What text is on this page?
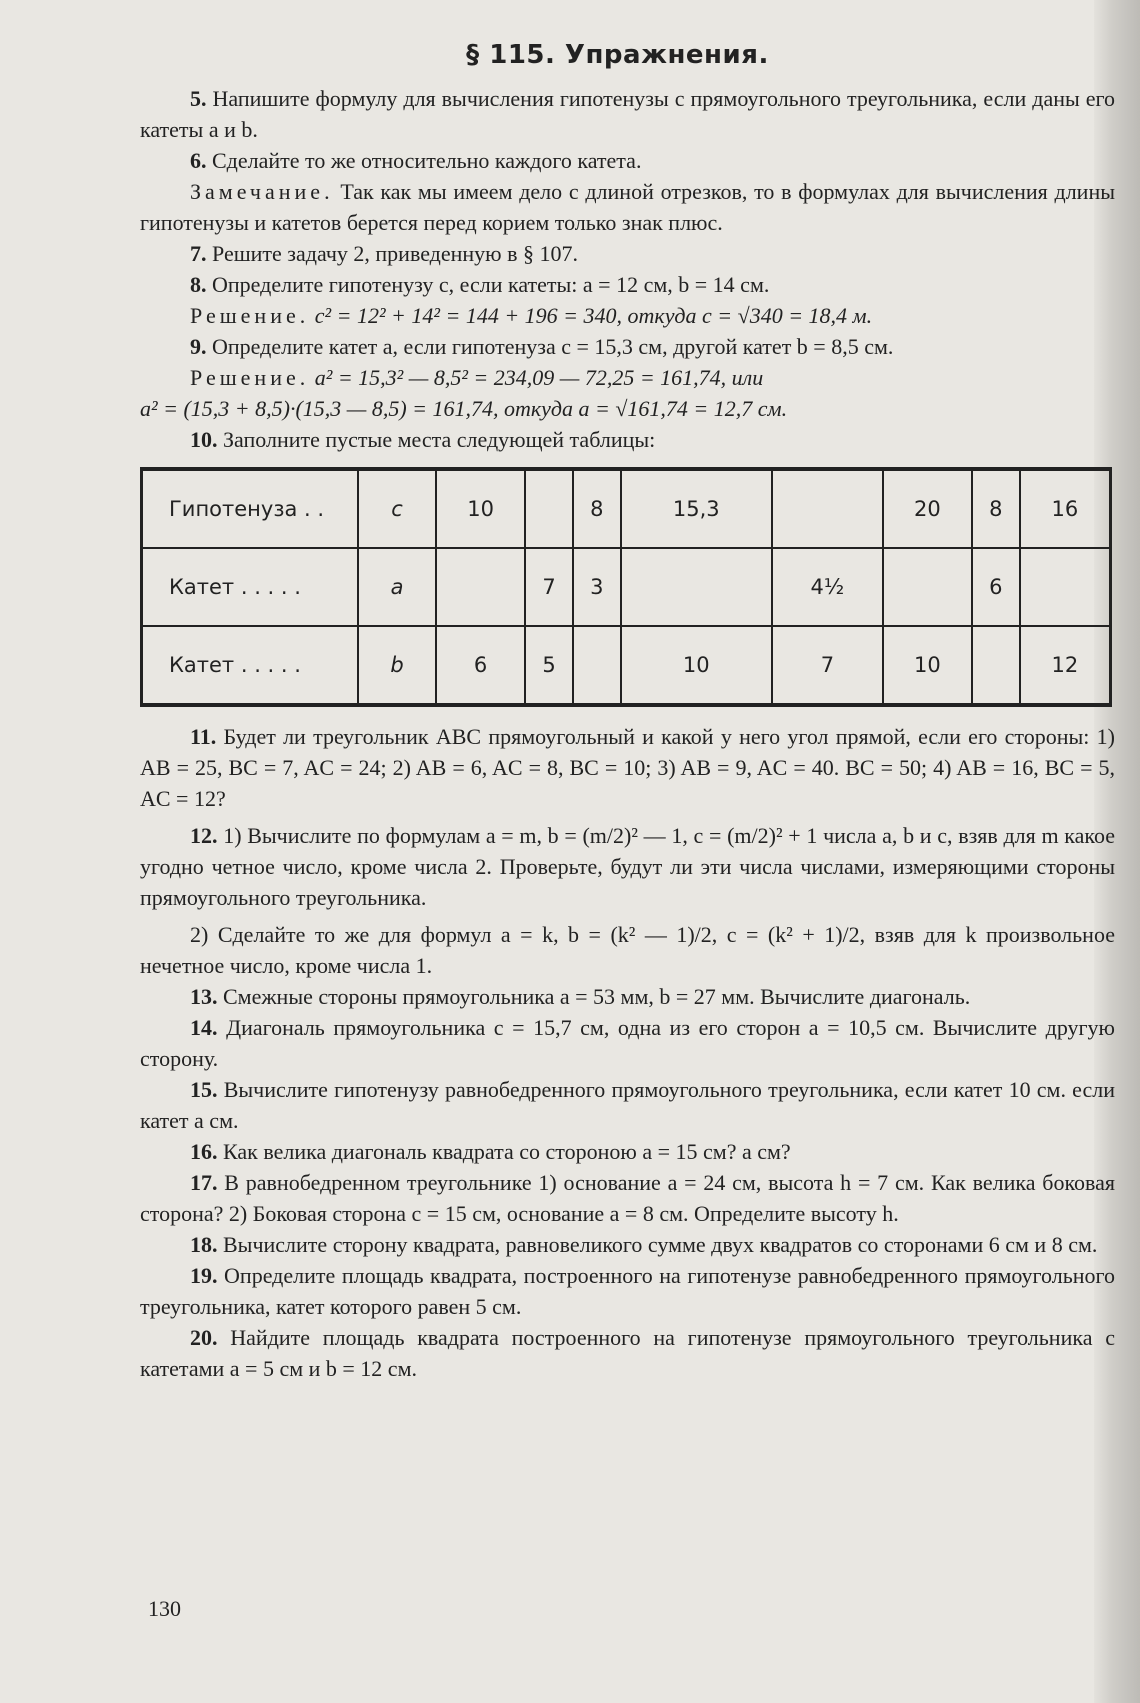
§ 115. Упражнения.

5. Напишите формулу для вычисления гипотенузы c прямоугольного треугольника, если даны его катеты a и b.

6. Сделайте то же относительно каждого катета.

Замечание. Так как мы имеем дело с длиной отрезков, то в формулах для вычисления длины гипотенузы и катетов берется перед корием только знак плюс.

7. Решите задачу 2, приведенную в § 107.

8. Определите гипотенузу c, если катеты: a = 12 см, b = 14 см.

Решение. c² = 12² + 14² = 144 + 196 = 340, откуда c = √340 = 18,4 м.

9. Определите катет a, если гипотенуза c = 15,3 см, другой катет b = 8,5 см.

Решение. a² = 15,3² — 8,5² = 234,09 — 72,25 = 161,74, или

a² = (15,3 + 8,5)·(15,3 — 8,5) = 161,74, откуда a = √161,74 = 12,7 см.

10. Заполните пустые места следующей таблицы:

Гипотенуза . .	c	10		8	15,3		20	8	16
Катет . . . . .	a		7	3		4½		6	
Катет . . . . .	b	6	5		10	7	10		12

11. Будет ли треугольник ABC прямоугольный и какой у него угол прямой, если его стороны: 1) AB = 25, BC = 7, AC = 24; 2) AB = 6, AC = 8, BC = 10; 3) AB = 9, AC = 40. BC = 50; 4) AB = 16, BC = 5, AC = 12?

12. 1) Вычислите по формулам a = m, b = (m/2)² — 1, c = (m/2)² + 1 числа a, b и c, взяв для m какое угодно четное число, кроме числа 2. Проверьте, будут ли эти числа числами, измеряющими стороны прямоугольного треугольника.

2) Сделайте то же для формул a = k, b = (k² — 1)/2, c = (k² + 1)/2, взяв для k произвольное нечетное число, кроме числа 1.

13. Смежные стороны прямоугольника a = 53 мм, b = 27 мм. Вычислите диагональ.

14. Диагональ прямоугольника c = 15,7 см, одна из его сторон a = 10,5 см. Вычислите другую сторону.

15. Вычислите гипотенузу равнобедренного прямоугольного треугольника, если катет 10 см. если катет a см.

16. Как велика диагональ квадрата со стороною a = 15 см? a см?

17. В равнобедренном треугольнике 1) основание a = 24 см, высота h = 7 см. Как велика боковая сторона? 2) Боковая сторона c = 15 см, основание a = 8 см. Определите высоту h.

18. Вычислите сторону квадрата, равновеликого сумме двух квадратов со сторонами 6 см и 8 см.

19. Определите площадь квадрата, построенного на гипотенузе равнобедренного прямоугольного треугольника, катет которого равен 5 см.

20. Найдите площадь квадрата построенного на гипотенузе прямоугольного треугольника с катетами a = 5 см и b = 12 см.

130
